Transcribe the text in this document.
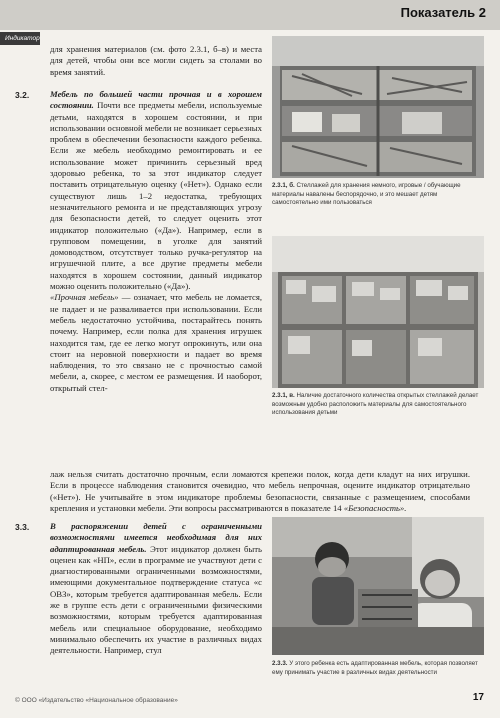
Показатель 2
Индикатор

для хранения материалов (см. фото 2.3.1, б–в) и места для детей, чтобы они все могли сидеть за столами во время занятий.

3.2. Мебель по большей части прочная и в хорошем состоянии. Почти все предметы мебели, используемые детьми, находятся в хорошем состоянии, и при использовании основной мебели не возникает серьезных проблем в обеспечении безопасности каждого ребенка. Если же мебель необходимо ремонтировать и ее использование может причинить серьезный вред здоровью ребенка, то за этот индикатор следует поставить отрицательную оценку («Нет»). Однако если существуют лишь 1–2 недостатка, требующих незначительного ремонта и не представляющих угрозу для безопасности детей, то следует оценить этот индикатор положительно («Да»). Например, если в групповом помещении, в уголке для занятий домоводством, отсутствует только ручка-регулятор на игрушечной плите, а все другие предметы мебели находятся в хорошем состоянии, данный индикатор можно оценить положительно («Да»).

«Прочная мебель» — означает, что мебель не ломается, не падает и не разваливается при использовании. Если мебель недостаточно устойчива, постарайтесь понять почему. Например, если полка для хранения игрушек находится там, где ее легко могут опрокинуть, или она стоит на неровной поверхности и падает во время наблюдения, то это связано не с прочностью самой мебели, а, скорее, с местом ее размещения. И наоборот, открытый стел-

лаж нельзя считать достаточно прочным, если ломаются крепежи полок, когда дети кладут на них игрушки. Если в процессе наблюдения становится очевидно, что мебель непрочная, оцените индикатор отрицательно («Нет»). Не учитывайте в этом индикаторе проблемы безопасности, связанные с размещением, способами крепления и установки мебели. Эти вопросы рассматриваются в показателе 14 «Безопасность».

3.3. В распоряжении детей с ограниченными возможностями имеется необходимая для них адаптированная мебель. Этот индикатор должен быть оценен как «НП», если в программе не участвуют дети с диагностированными ограниченными возможностями, имеющими документальное подтверждение статуса «с ОВЗ», которым требуется адаптированная мебель. Если же в группе есть дети с ограниченными физическими возможностями, которым требуется адаптированная мебель или специальное оборудование, необходимо минимально обеспечить их участие в различных видах деятельности. Например, стул

2.3.1, б. Стеллажей для хранения немного, игровые / обучающие материалы навалены беспорядочно, и это мешает детям самостоятельно ими пользоваться
2.3.1, в. Наличие достаточного количества открытых стеллажей делает возможным удобно расположить материалы для самостоятельного использования детьми
2.3.3. У этого ребенка есть адаптированная мебель, которая позволяет ему принимать участие в различных видах деятельности
© ООО «Издательство «Национальное образование»	17
